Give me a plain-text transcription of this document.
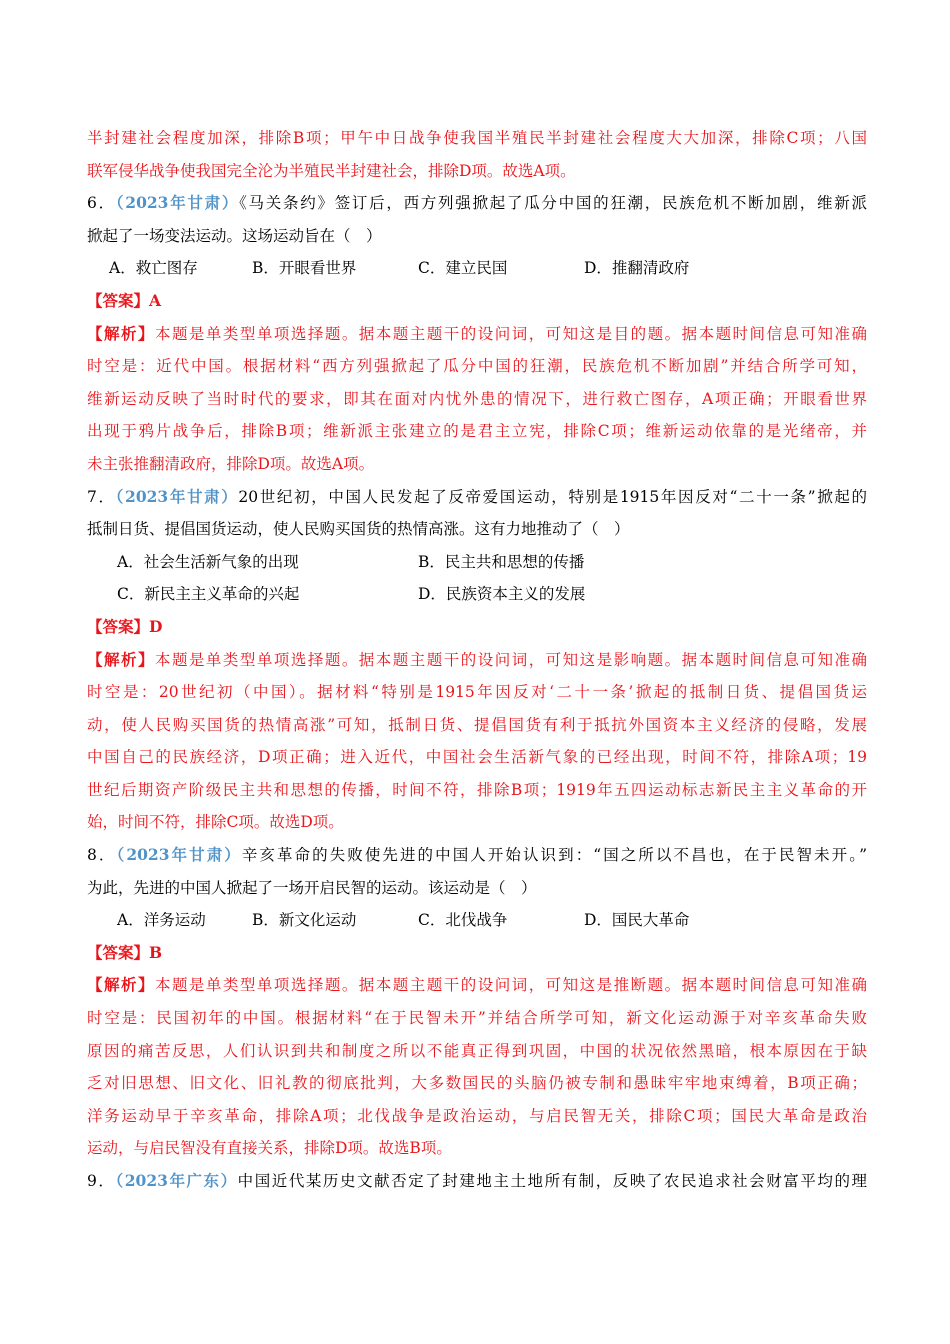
半封建社会程度加深，排除B项；甲午中日战争使我国半殖民半封建社会程度大大加深，排除C项；八国
联军侵华战争使我国完全沦为半殖民半封建社会，排除D项。故选A项。
6．（2023年甘肃）《马关条约》签订后，西方列强掀起了瓜分中国的狂潮，民族危机不断加剧，维新派
掀起了一场变法运动。这场运动旨在（　）
A．救亡图存	B．开眼看世界	C．建立民国	D．推翻清政府
【答案】A
【解析】本题是单类型单项选择题。据本题主题干的设问词，可知这是目的题。据本题时间信息可知准确
时空是：近代中国。根据材料“西方列强掀起了瓜分中国的狂潮，民族危机不断加剧”并结合所学可知，
维新运动反映了当时时代的要求，即其在面对内忧外患的情况下，进行救亡图存，A项正确；开眼看世界
出现于鸦片战争后，排除B项；维新派主张建立的是君主立宪，排除C项；维新运动依靠的是光绪帝，并
未主张推翻清政府，排除D项。故选A项。
7．（2023年甘肃）20世纪初，中国人民发起了反帝爱国运动，特别是1915年因反对“二十一条”掀起的
抵制日货、提倡国货运动，使人民购买国货的热情高涨。这有力地推动了（　）
A．社会生活新气象的出现	B．民主共和思想的传播
C．新民主主义革命的兴起	D．民族资本主义的发展
【答案】D
【解析】本题是单类型单项选择题。据本题主题干的设问词，可知这是影响题。据本题时间信息可知准确
时空是：20世纪初（中国）。据材料“特别是1915年因反对‘二十一条’掀起的抵制日货、提倡国货运
动，使人民购买国货的热情高涨”可知，抵制日货、提倡国货有利于抵抗外国资本主义经济的侵略，发展
中国自己的民族经济，D项正确；进入近代，中国社会生活新气象的已经出现，时间不符，排除A项；19
世纪后期资产阶级民主共和思想的传播，时间不符，排除B项；1919年五四运动标志新民主主义革命的开
始，时间不符，排除C项。故选D项。
8．（2023年甘肃）辛亥革命的失败使先进的中国人开始认识到：“国之所以不昌也，在于民智未开。”
为此，先进的中国人掀起了一场开启民智的运动。该运动是（　）
A．洋务运动	B．新文化运动	C．北伐战争	D．国民大革命
【答案】B
【解析】本题是单类型单项选择题。据本题主题干的设问词，可知这是推断题。据本题时间信息可知准确
时空是：民国初年的中国。根据材料“在于民智未开”并结合所学可知，新文化运动源于对辛亥革命失败
原因的痛苦反思，人们认识到共和制度之所以不能真正得到巩固，中国的状况依然黑暗，根本原因在于缺
乏对旧思想、旧文化、旧礼教的彻底批判，大多数国民的头脑仍被专制和愚昧牢牢地束缚着，B项正确；
洋务运动早于辛亥革命，排除A项；北伐战争是政治运动，与启民智无关，排除C项；国民大革命是政治
运动，与启民智没有直接关系，排除D项。故选B项。
9．（2023年广东）中国近代某历史文献否定了封建地主土地所有制，反映了农民追求社会财富平均的理
